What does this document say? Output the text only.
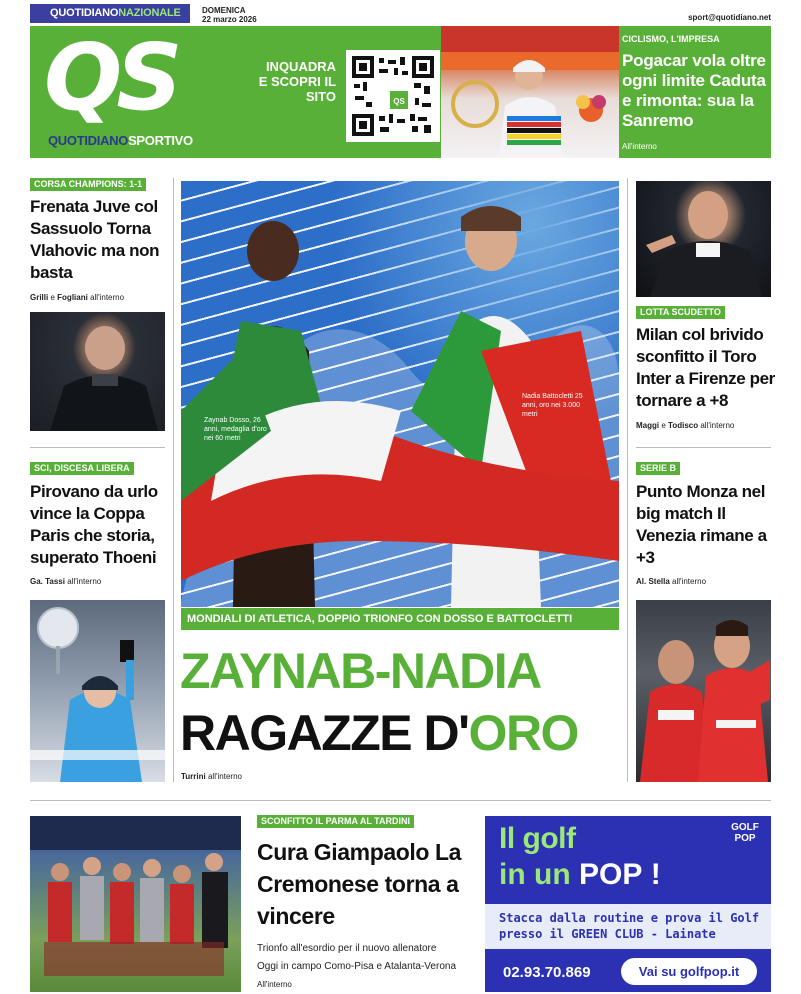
QUOTIDIANONAZIONALE	DOMENICA
22 marzo 2026	sport@quotidiano.net
QS
QUOTIDIANOSPORTIVO
INQUADRA E SCOPRI IL SITO	QS
CICLISMO, L'IMPRESA
Pogacar vola oltre ogni limite Caduta e rimonta: sua la Sanremo
All'interno
CORSA CHAMPIONS: 1-1
Frenata Juve col Sassuolo Torna Vlahovic ma non basta
Grilli e Fogliani all'interno
SCI, DISCESA LIBERA
Pirovano da urlo vince la Coppa Paris che storia, superato Thoeni
Ga. Tassi all'interno
Zaynab Dosso, 26 anni, medaglia d'oro nei 60 metri
Nadia Battocletti 25 anni, oro nei 3.000 metri
MONDIALI DI ATLETICA, DOPPIO TRIONFO CON DOSSO E BATTOCLETTI
ZAYNAB-NADIA
RAGAZZE D'ORO
Turrini all'interno
LOTTA SCUDETTO
Milan col brivido sconfitto il Toro Inter a Firenze per tornare a +8
Maggi e Todisco all'interno
SERIE B
Punto Monza nel big match Il Venezia rimane a +3
Al. Stella all'interno
SCONFITTO IL PARMA AL TARDINI
Cura Giampaolo La Cremonese torna a vincere
Trionfo all'esordio per il nuovo allenatore
Oggi in campo Como-Pisa e Atalanta-Verona
All'interno
Il golf
in un POP !
GOLF
POP
Stacca dalla routine e prova il Golf
presso il GREEN CLUB - Lainate
02.93.70.869	Vai su golfpop.it
